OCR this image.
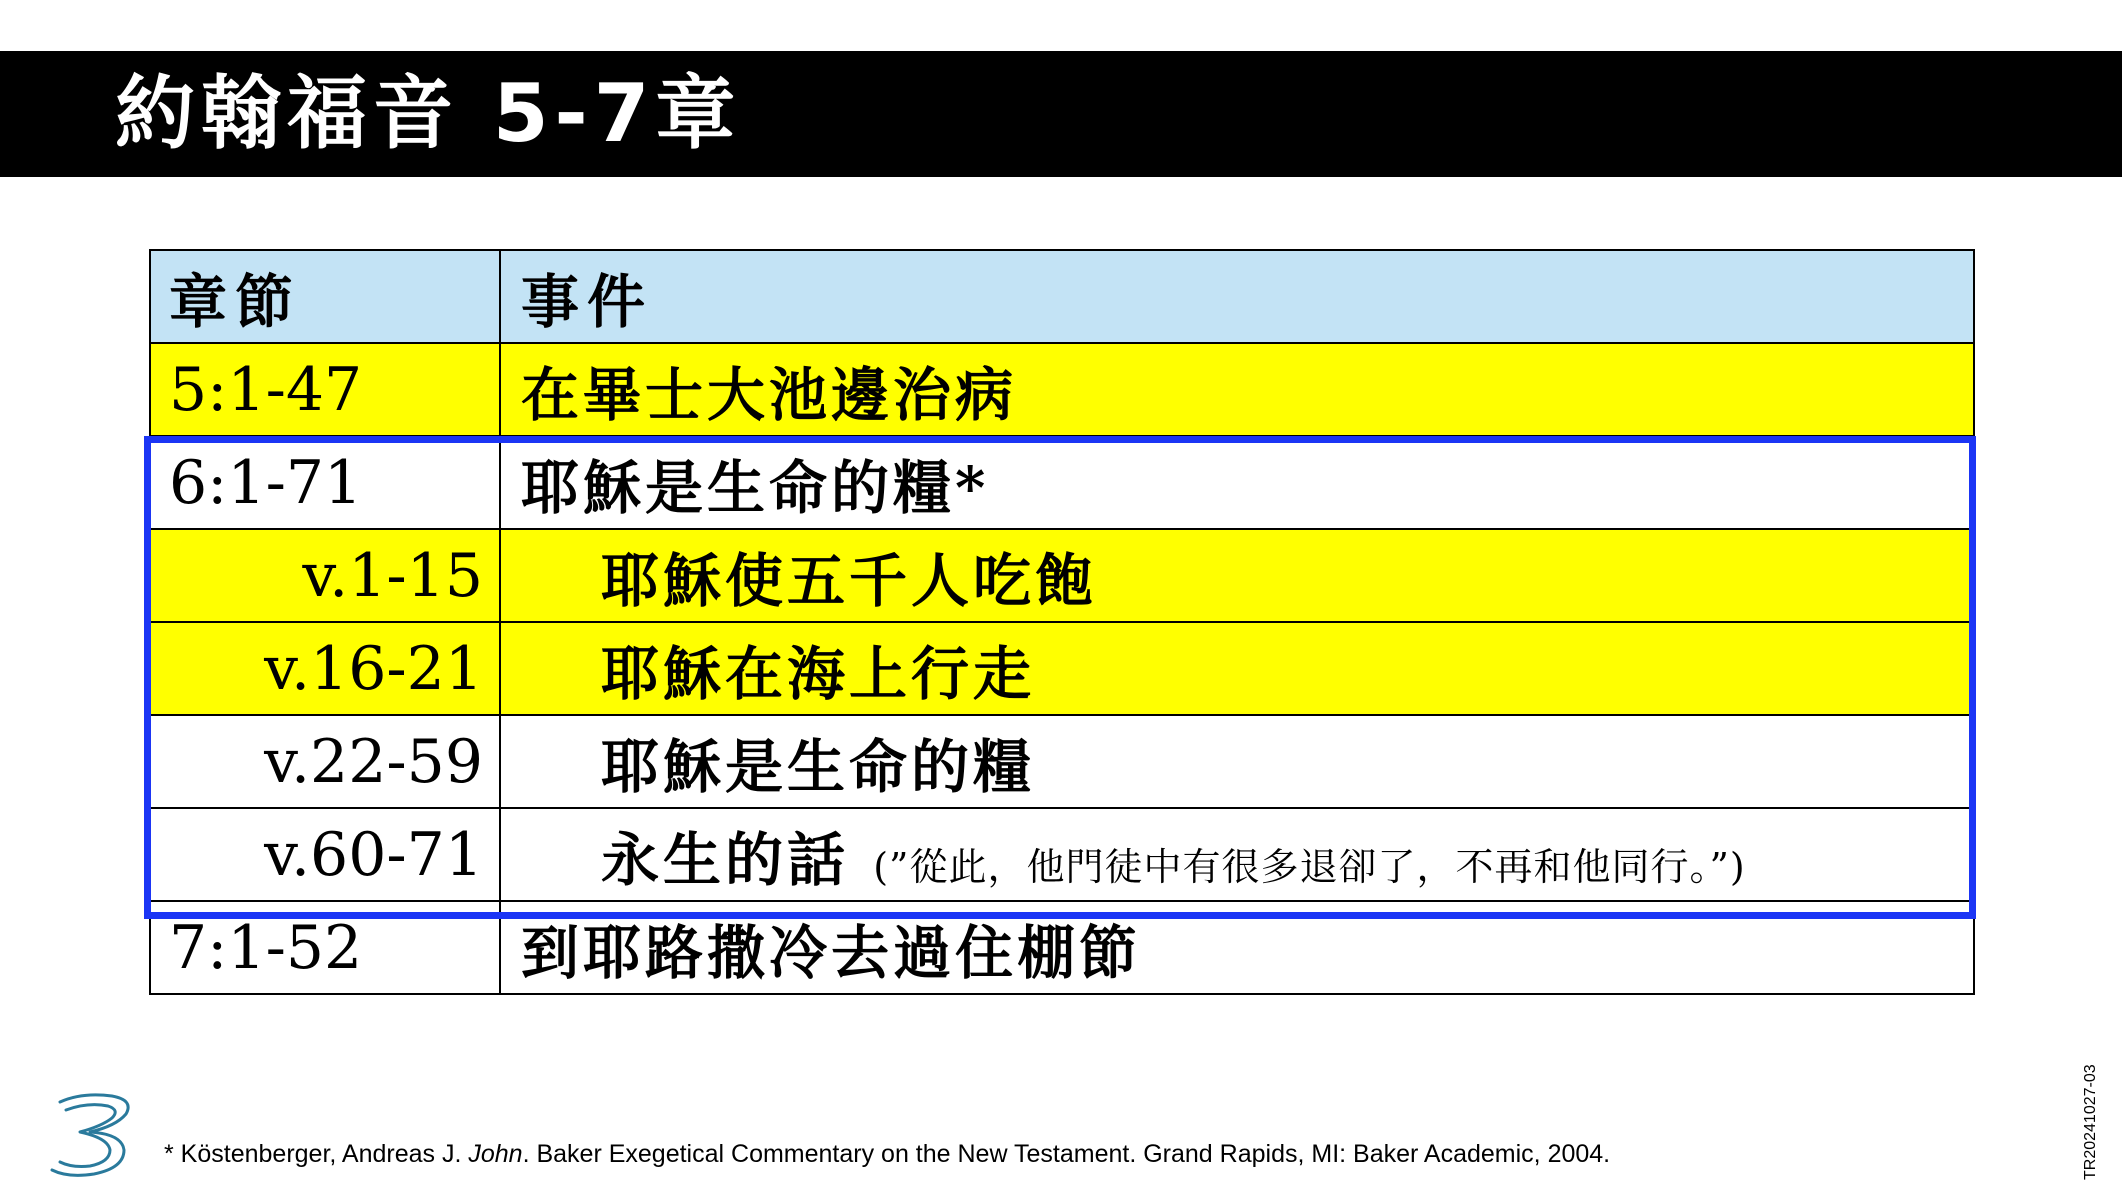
約翰福音 5-7章
章節	事件
5:1-47	在畢士大池邊治病
6:1-71	耶穌是生命的糧*
v.1-15	耶穌使五千人吃飽
v.16-21	耶穌在海上行走
v.22-59	耶穌是生命的糧
v.60-71	永生的話 (”從此，他門徒中有很多退卻了，不再和他同行。”)
7:1-52	到耶路撒冷去過住棚節
* Köstenberger, Andreas J. John. Baker Exegetical Commentary on the New Testament. Grand Rapids, MI: Baker Academic, 2004.	TR20241027-03
